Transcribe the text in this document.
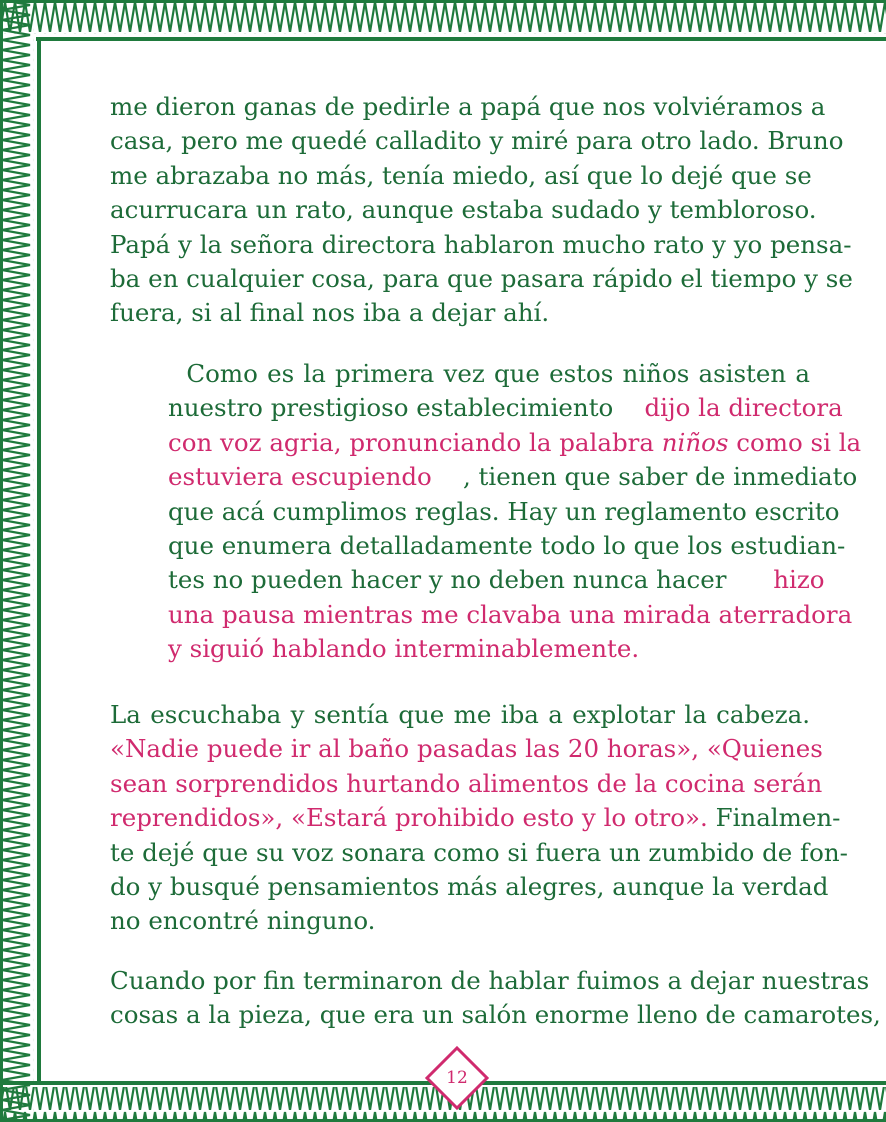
me dieron ganas de pedirle a papá que nos volviéramos a
casa, pero me quedé calladito y miré para otro lado. Bruno
me abrazaba no más, tenía miedo, así que lo dejé que se
acurrucara un rato, aunque estaba sudado y tembloroso.
Papá y la señora directora hablaron mucho rato y yo pensa-
ba en cualquier cosa, para que pasara rápido el tiempo y se
fuera, si al final nos iba a dejar ahí.
Como es la primera vez que estos niños asisten a
nuestro prestigioso establecimiento dijo la directora
con voz agria, pronunciando la palabra niños como si la
estuviera escupiendo , tienen que saber de inmediato
que acá cumplimos reglas. Hay un reglamento escrito
que enumera detalladamente todo lo que los estudian-
tes no pueden hacer y no deben nunca hacer hizo
una pausa mientras me clavaba una mirada aterradora
y siguió hablando interminablemente.
La escuchaba y sentía que me iba a explotar la cabeza.
«Nadie puede ir al baño pasadas las 20 horas», «Quienes
sean sorprendidos hurtando alimentos de la cocina serán
reprendidos», «Estará prohibido esto y lo otro». Finalmen-
te dejé que su voz sonara como si fuera un zumbido de fon-
do y busqué pensamientos más alegres, aunque la verdad
no encontré ninguno.
Cuando por fin terminaron de hablar fuimos a dejar nuestras
cosas a la pieza, que era un salón enorme lleno de camarotes,
12
